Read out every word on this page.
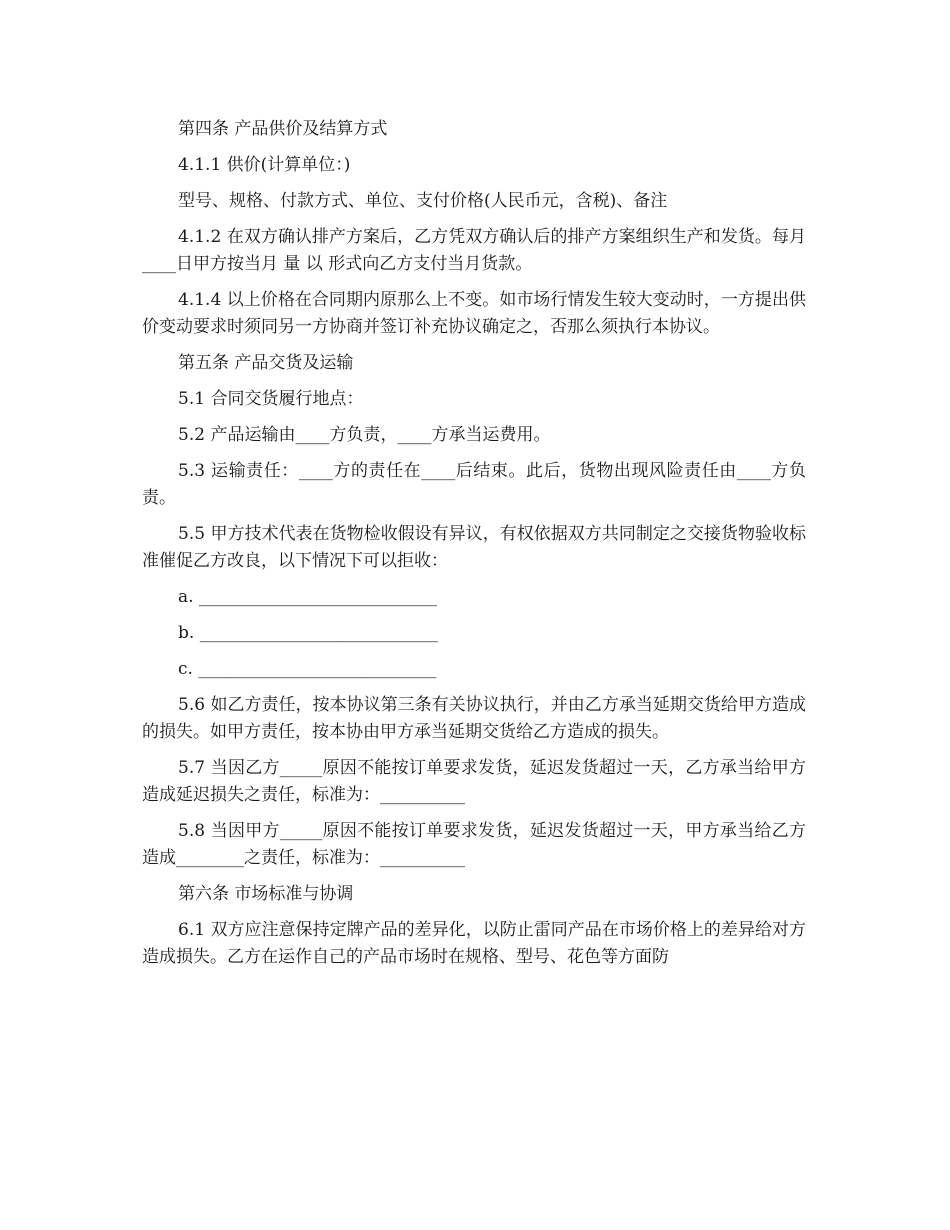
第四条 产品供价及结算方式

4.1.1 供价(计算单位：)

型号、规格、付款方式、单位、支付价格(人民币元，含税)、备注

4.1.2 在双方确认排产方案后，乙方凭双方确认后的排产方案组织生产和发货。每月____日甲方按当月 量 以 形式向乙方支付当月货款。

4.1.4 以上价格在合同期内原那么上不变。如市场行情发生较大变动时，一方提出供价变动要求时须同另一方协商并签订补充协议确定之，否那么须执行本协议。

第五条 产品交货及运输

5.1 合同交货履行地点：

5.2 产品运输由____方负责，____方承当运费用。

5.3 运输责任：____方的责任在____后结束。此后，货物出现风险责任由____方负责。

5.5 甲方技术代表在货物检收假设有异议，有权依据双方共同制定之交接货物验收标准催促乙方改良，以下情况下可以拒收：

a. ____________________________

b. ____________________________

c. ____________________________

5.6 如乙方责任，按本协议第三条有关协议执行，并由乙方承当延期交货给甲方造成的损失。如甲方责任，按本协由甲方承当延期交货给乙方造成的损失。

5.7 当因乙方_____原因不能按订单要求发货，延迟发货超过一天，乙方承当给甲方造成延迟损失之责任，标准为：__________

5.8 当因甲方_____原因不能按订单要求发货，延迟发货超过一天，甲方承当给乙方造成________之责任，标准为：__________

第六条 市场标准与协调

6.1 双方应注意保持定牌产品的差异化，以防止雷同产品在市场价格上的差异给对方造成损失。乙方在运作自己的产品市场时在规格、型号、花色等方面防
